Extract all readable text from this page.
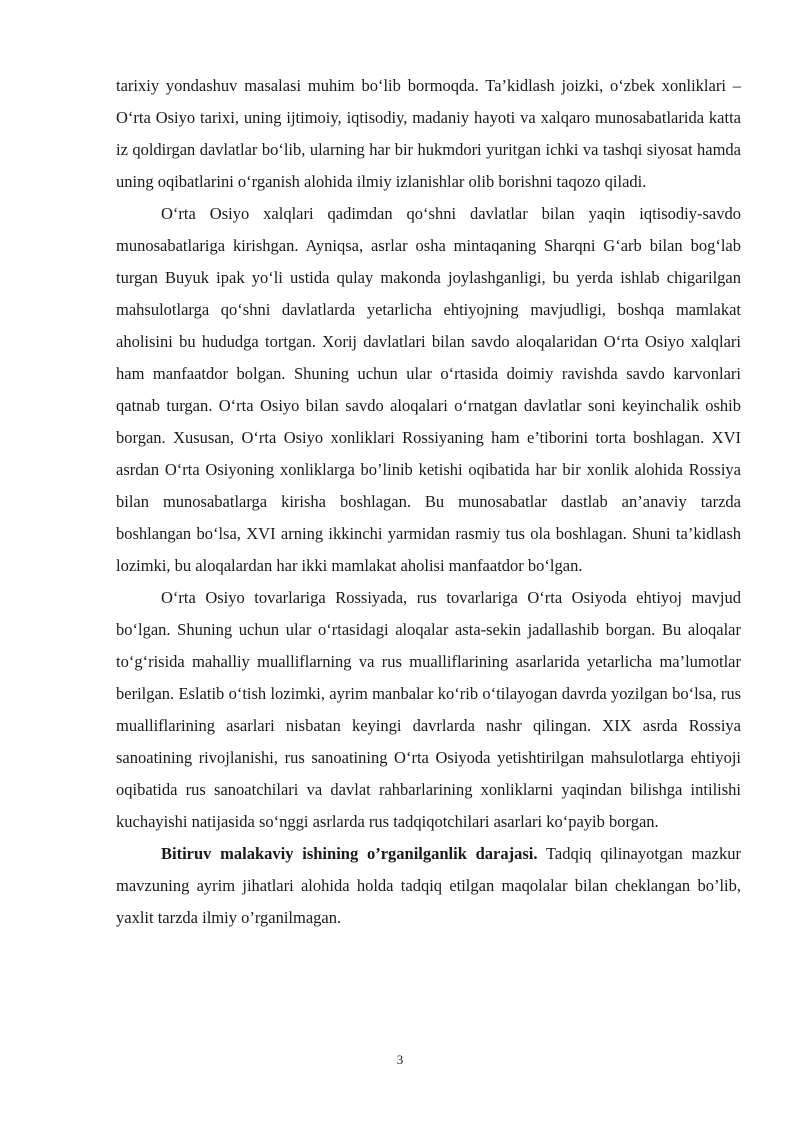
tarixiy yondashuv masalasi muhim bo‘lib bormoqda. Ta’kidlash joizki, o‘zbek xonliklari – O‘rta Osiyo tarixi, uning ijtimoiy, iqtisodiy, madaniy hayoti va xalqaro munosabatlarida katta iz qoldirgan davlatlar bo‘lib, ularning har bir hukmdori yuritgan ichki va tashqi siyosat hamda uning oqibatlarini o‘rganish alohida ilmiy izlanishlar olib borishni taqozo qiladi.

O‘rta Osiyo xalqlari qadimdan qo‘shni davlatlar bilan yaqin iqtisodiy-savdo munosabatlariga kirishgan. Ayniqsa, asrlar osha mintaqaning Sharqni G‘arb bilan bog‘lab turgan Buyuk ipak yo‘li ustida qulay makonda joylashganligi, bu yerda ishlab chigarilgan mahsulotlarga qo‘shni davlatlarda yetarlicha ehtiyojning mavjudligi, boshqa mamlakat aholisini bu hududga tortgan. Xorij davlatlari bilan savdo aloqalaridan O‘rta Osiyo xalqlari ham manfaatdor bolgan. Shuning uchun ular o‘rtasida doimiy ravishda savdo karvonlari qatnab turgan. O‘rta Osiyo bilan savdo aloqalari o‘rnatgan davlatlar soni keyinchalik oshib borgan. Xususan, O‘rta Osiyo xonliklari Rossiyaning ham e’tiborini torta boshlagan. XVI asrdan O‘rta Osiyoning xonliklarga bo’linib ketishi oqibatida har bir xonlik alohida Rossiya bilan munosabatlarga kirisha boshlagan. Bu munosabatlar dastlab an’anaviy tarzda boshlangan bo‘lsa, XVI arning ikkinchi yarmidan rasmiy tus ola boshlagan. Shuni ta’kidlash lozimki, bu aloqalardan har ikki mamlakat aholisi manfaatdor bo‘lgan.

O‘rta Osiyo tovarlariga Rossiyada, rus tovarlariga O‘rta Osiyoda ehtiyoj mavjud bo‘lgan. Shuning uchun ular o‘rtasidagi aloqalar asta-sekin jadallashib borgan. Bu aloqalar to‘g‘risida mahalliy mualliflarning va rus mualliflarining asarlarida yetarlicha ma’lumotlar berilgan. Eslatib o‘tish lozimki, ayrim manbalar ko‘rib o‘tilayogan davrda yozilgan bo‘lsa, rus mualliflarining asarlari nisbatan keyingi davrlarda nashr qilingan. XIX asrda Rossiya sanoatining rivojlanishi, rus sanoatining O‘rta Osiyoda yetishtirilgan mahsulotlarga ehtiyoji oqibatida rus sanoatchilari va davlat rahbarlarining xonliklarni yaqindan bilishga intilishi kuchayishi natijasida so‘nggi asrlarda rus tadqiqotchilari asarlari ko‘payib borgan.

Bitiruv malakaviy ishining o’rganilganlik darajasi. Tadqiq qilinayotgan mazkur mavzuning ayrim jihatlari alohida holda tadqiq etilgan maqolalar bilan cheklangan bo’lib, yaxlit tarzda ilmiy o’rganilmagan.

3
